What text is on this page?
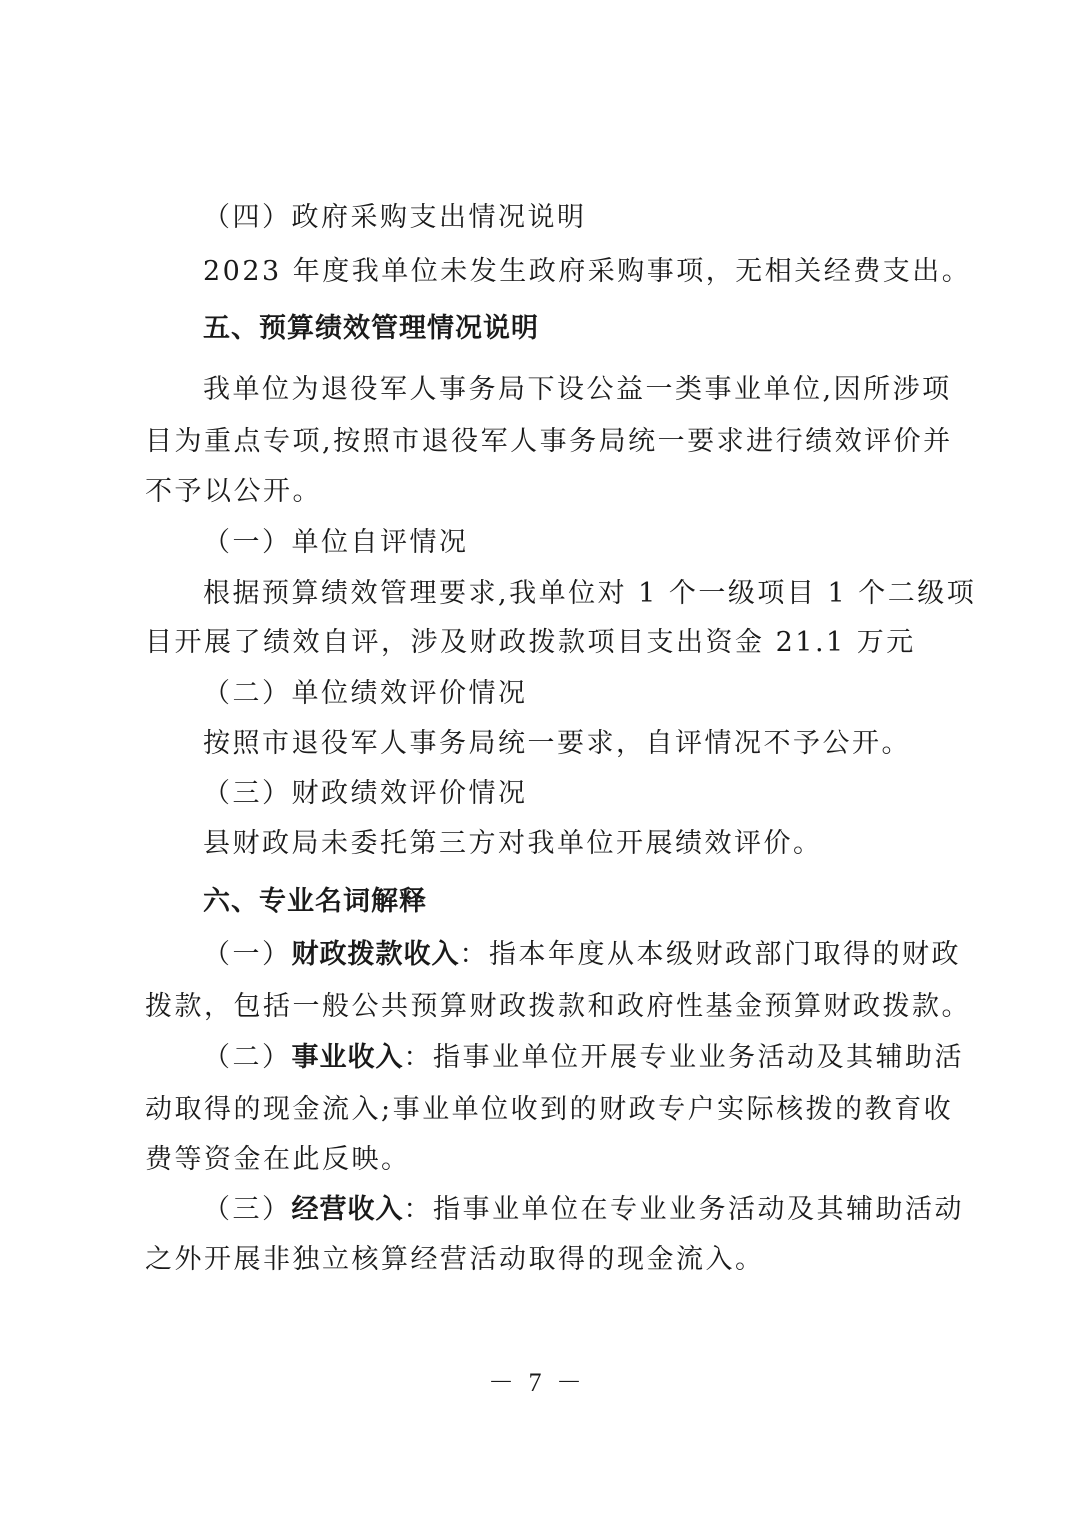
（四）政府采购支出情况说明
2023 年度我单位未发生政府采购事项，无相关经费支出。
五、预算绩效管理情况说明
我单位为退役军人事务局下设公益一类事业单位,因所涉项
目为重点专项,按照市退役军人事务局统一要求进行绩效评价并
不予以公开。
（一）单位自评情况
根据预算绩效管理要求,我单位对 1 个一级项目 1 个二级项
目开展了绩效自评，涉及财政拨款项目支出资金 21.1 万元
（二）单位绩效评价情况
按照市退役军人事务局统一要求，自评情况不予公开。
（三）财政绩效评价情况
县财政局未委托第三方对我单位开展绩效评价。
六、专业名词解释
（一）财政拨款收入：指本年度从本级财政部门取得的财政
拨款，包括一般公共预算财政拨款和政府性基金预算财政拨款。
（二）事业收入：指事业单位开展专业业务活动及其辅助活
动取得的现金流入;事业单位收到的财政专户实际核拨的教育收
费等资金在此反映。
（三）经营收入：指事业单位在专业业务活动及其辅助活动
之外开展非独立核算经营活动取得的现金流入。
－ 7 －
